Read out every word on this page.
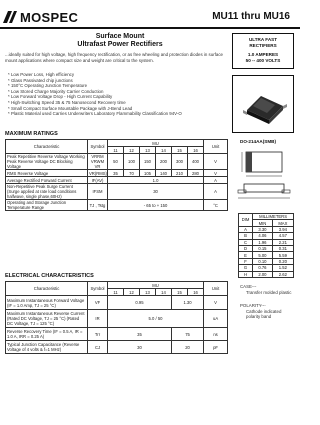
MOSPEC	MU11 thru MU16
Surface Mount
Ultrafast Power Rectifiers
...ideally suited for high voltage, high frequency rectification, or as free wheeling and protection diodes in surface mount applications where compact size and weight are critical to the system.
* Low Power Loss, High efficiency
* Glass Passivated chip junctions
* 150°C Operating Junction Temperature
* Low Stored Charge Majority Carrier Conduction
* Low Forward Voltage Drop - High Current Capability
* High-Switching Speed 35 & 75 Nanosecond Recovery time
* Small Compact Surface Mountable Package with J-Bend Lead
* Plastic Material used Carries Underwriters Laboratory Flammability Classification 94V-O
ULTRA FAST
RECTIFIERS
1.0 AMPERES
50 -- 400 VOLTS
DO-214AA(SMB)
DIM	MILLIMETERS	
	MIN	MAX
A	3.30	3.94
B	4.06	4.57
C	1.96	2.21
D	0.15	0.31
E	5.00	5.59
F	0.10	0.20
G	0.76	1.52
H	2.00	2.62
CASE---
Transfer molded plastic
POLARITY---
Cathode indicated polarity band
MAXIMUM RATINGS
Characteristic	Symbol	MU						Unit
		11	12	13	14	15	16	
Peak Repetitive Reverse Voltage Working Peak Reverse Voltage DC Blocking Voltage	VRRM VRWM VR	50	100	150	200	300	400	V
RMS Reverse Voltage	VR(RMS)	35	70	105	140	210	280	V
Average Rectified Forward Current	IF(AV)	1.0						A
Non-Repetitive Peak Surge Current (Surge applied at rate load conditions halfwave, single phase,60Hz)	IFSM	30						A
Operating and Storage Junction Temperature Range	TJ , Tstg	- 65 to + 150						°C
ELECTRICAL CHARACTERISTICS
Characteristic	Symbol	MU						Unit
		11	12	13	14	15	16	
Maximum Instantaneous Forward Voltage (IF = 1.0 Amp, TJ = 25 °C)	VF	0.95				1.30		V
Maximum Instantaneous Reverse Current (Rated DC Voltage, TJ = 25 °C) (Rated DC Voltage, TJ = 125 °C)	IR	5.0 / 50						uA
Reverse Recovery Time (IF = 0.5 A, IR = 1.0 A, IRR = 0.25 A)	Trr	35				75		ns
Typical Junction Capacitance (Reverse Voltage of 4 volts & f=1 MHz)	CJ	30				20		pF
